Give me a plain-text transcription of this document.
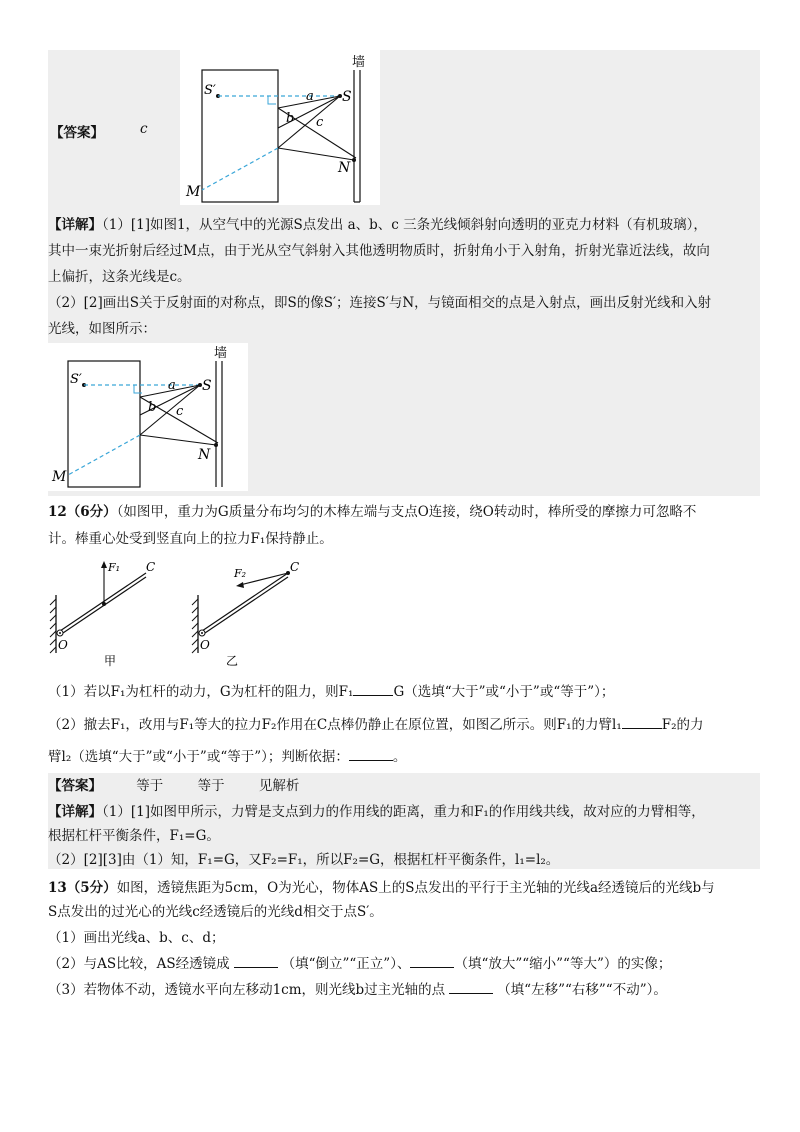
【答案】	c
墙
S′	S
a
b c
M
N
【详解】（1）[1]如图1，从空气中的光源S点发出 a、b、c 三条光线倾斜射向透明的亚克力材料（有机玻璃），
其中一束光折射后经过M点，由于光从空气斜射入其他透明物质时，折射角小于入射角，折射光靠近法线，故向
上偏折，这条光线是c。
（2）[2]画出S关于反射面的对称点，即S的像S′；连接S′与N，与镜面相交的点是入射点，画出反射光线和入射
光线，如图所示：
墙
S′	S
a
b c
M
N
12（6分）（如图甲，重力为G质量分布均匀的木棒左端与支点O连接，绕O转动时，棒所受的摩擦力可忽略不
计。棒重心处受到竖直向上的拉力F₁保持静止。
F₁ C
O
甲
F₂	C
O
乙
（1）若以F₁为杠杆的动力，G为杠杆的阻力，则F₁	G（选填“大于”或“小于”或“等于”）；
（2）撤去F₁，改用与F₁等大的拉力F₂作用在C点棒仍静止在原位置，如图乙所示。则F₁的力臂l₁	F₂的力
臂l₂（选填“大于”或“小于”或“等于”）；判断依据：	。
【答案】	等于	等于	见解析
【详解】（1）[1]如图甲所示，力臂是支点到力的作用线的距离，重力和F₁的作用线共线，故对应的力臂相等，
根据杠杆平衡条件，F₁=G。
（2）[2][3]由（1）知，F₁=G，又F₂=F₁，所以F₂=G，根据杠杆平衡条件，l₁=l₂。
13（5分）如图，透镜焦距为5cm，O为光心，物体AS上的S点发出的平行于主光轴的光线a经透镜后的光线b与
S点发出的过光心的光线c经透镜后的光线d相交于点S′。
（1）画出光线a、b、c、d；
（2）与AS比较，AS经透镜成	（填“倒立”“正立”）、	（填“放大”“缩小”“等大”）的实像；
（3）若物体不动，透镜水平向左移动1cm，则光线b过主光轴的点	（填“左移”“右移”“不动”）。
